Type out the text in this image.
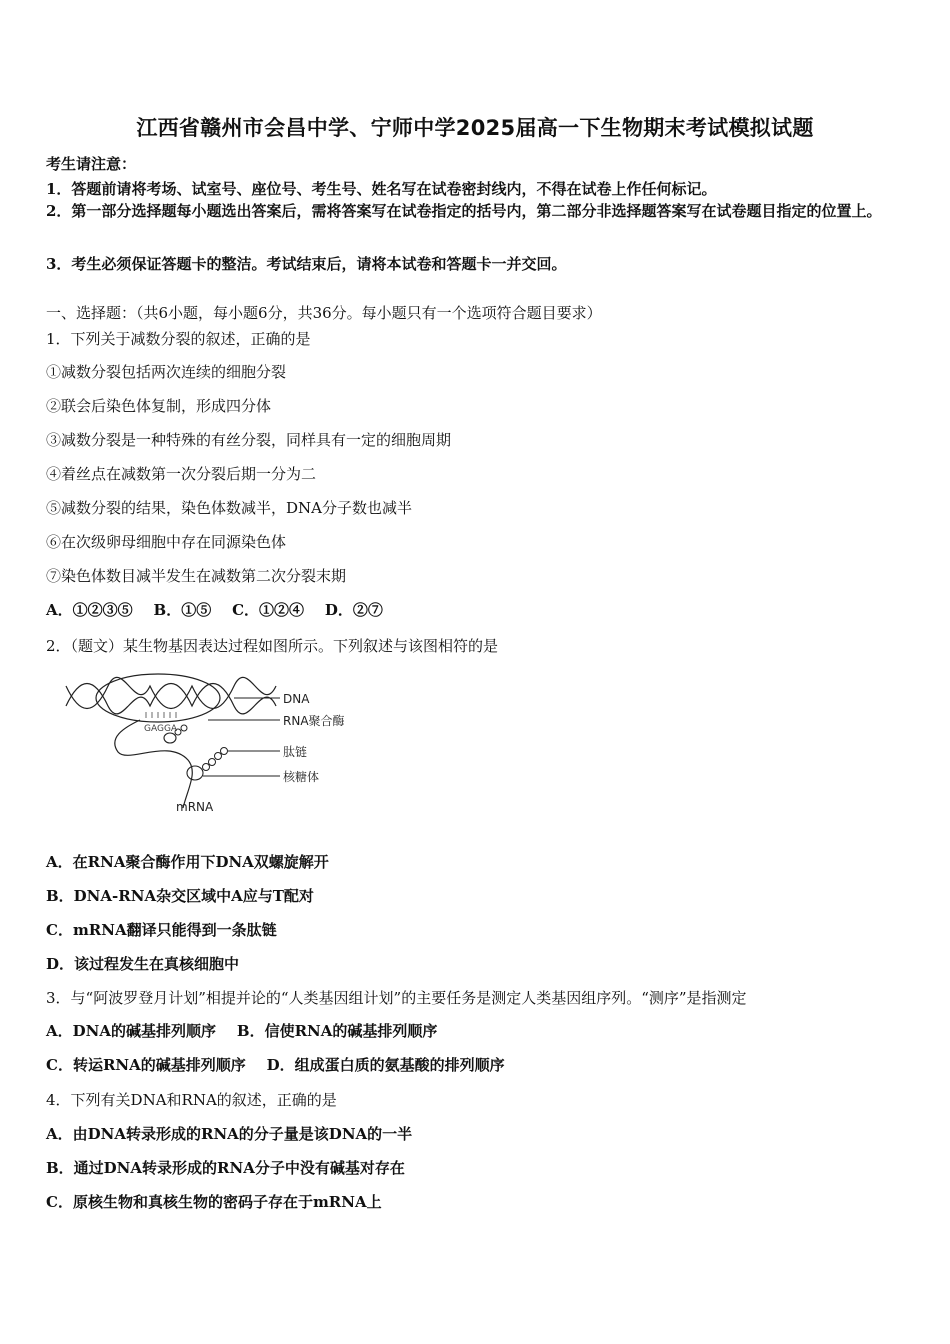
江西省赣州市会昌中学、宁师中学2025届高一下生物期末考试模拟试题
考生请注意：
1．答题前请将考场、试室号、座位号、考生号、姓名写在试卷密封线内，不得在试卷上作任何标记。
2．第一部分选择题每小题选出答案后，需将答案写在试卷指定的括号内，第二部分非选择题答案写在试卷题目指定的位置上。
3．考生必须保证答题卡的整洁。考试结束后，请将本试卷和答题卡一并交回。
一、选择题：（共6小题，每小题6分，共36分。每小题只有一个选项符合题目要求）
1．下列关于减数分裂的叙述，正确的是
①减数分裂包括两次连续的细胞分裂
②联会后染色体复制，形成四分体
③减数分裂是一种特殊的有丝分裂，同样具有一定的细胞周期
④着丝点在减数第一次分裂后期一分为二
⑤减数分裂的结果，染色体数减半，DNA分子数也减半
⑥在次级卵母细胞中存在同源染色体
⑦染色体数目减半发生在减数第二次分裂末期
A．①②③⑤    B．①⑤    C．①②④    D．②⑦
2．（题文）某生物基因表达过程如图所示。下列叙述与该图相符的是
GAGGA
DNA
RNA聚合酶
肽链
核糖体
mRNA
A．在RNA聚合酶作用下DNA双螺旋解开
B．DNA-RNA杂交区域中A应与T配对
C．mRNA翻译只能得到一条肽链
D．该过程发生在真核细胞中
3．与“阿波罗登月计划”相提并论的“人类基因组计划”的主要任务是测定人类基因组序列。“测序”是指测定
A．DNA的碱基排列顺序    B．信使RNA的碱基排列顺序
C．转运RNA的碱基排列顺序    D．组成蛋白质的氨基酸的排列顺序
4．下列有关DNA和RNA的叙述，正确的是
A．由DNA转录形成的RNA的分子量是该DNA的一半
B．通过DNA转录形成的RNA分子中没有碱基对存在
C．原核生物和真核生物的密码子存在于mRNA上
